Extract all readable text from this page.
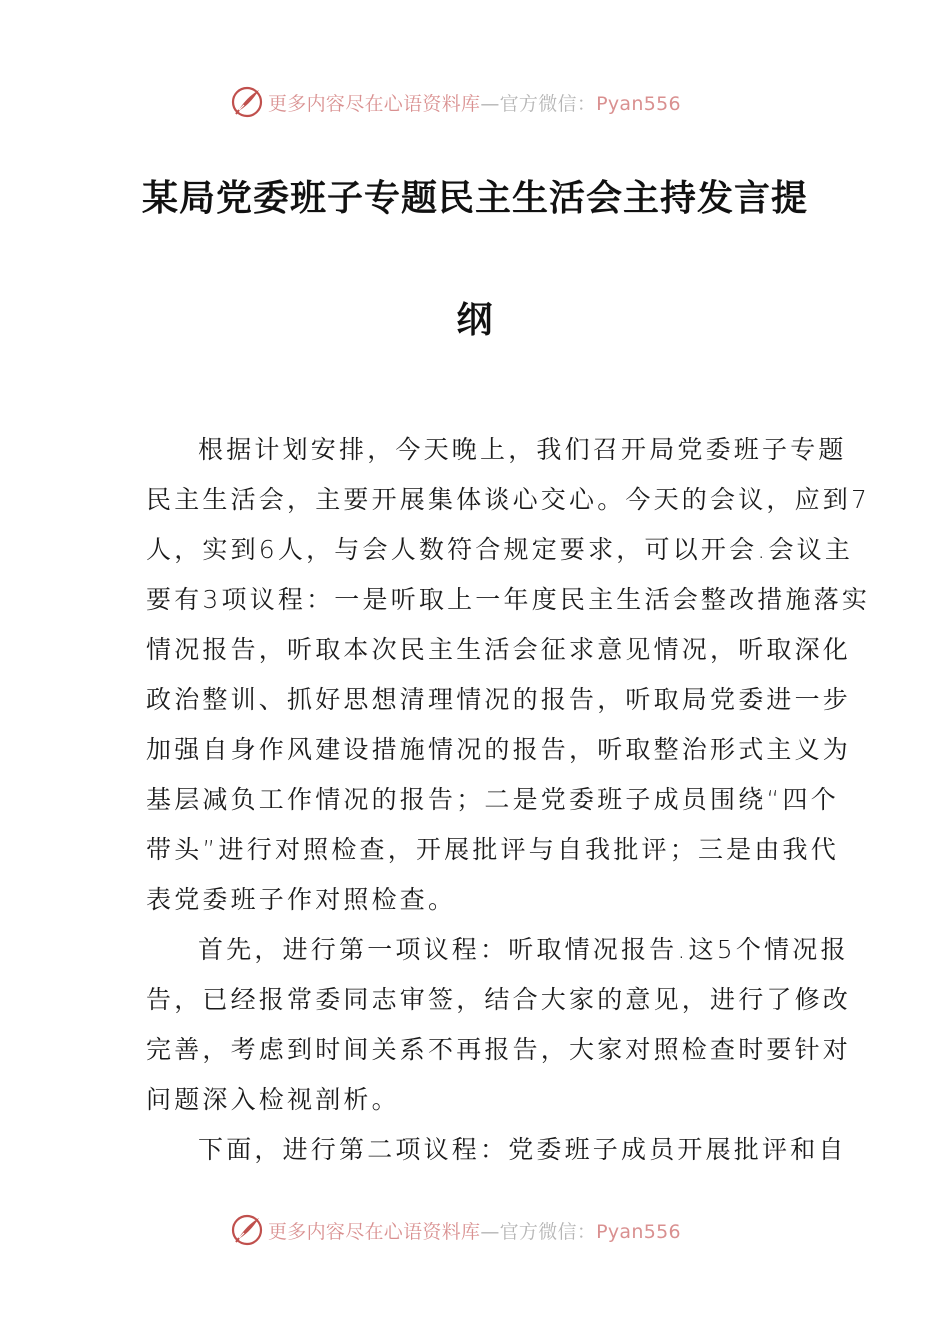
更多内容尽在心语资料库—官方微信：Pyan556
某局党委班子专题民主生活会主持发言提
纲
根据计划安排，今天晚上，我们召开局党委班子专题
民主生活会，主要开展集体谈心交心。今天的会议，应到7
人，实到6人，与会人数符合规定要求，可以开会.会议主
要有3项议程：一是听取上一年度民主生活会整改措施落实
情况报告，听取本次民主生活会征求意见情况，听取深化
政治整训、抓好思想清理情况的报告，听取局党委进一步
加强自身作风建设措施情况的报告，听取整治形式主义为
基层减负工作情况的报告；二是党委班子成员围绕“四个
带头”进行对照检查，开展批评与自我批评；三是由我代
表党委班子作对照检查。
首先，进行第一项议程：听取情况报告.这5个情况报
告，已经报常委同志审签，结合大家的意见，进行了修改
完善，考虑到时间关系不再报告，大家对照检查时要针对
问题深入检视剖析。
下面，进行第二项议程：党委班子成员开展批评和自
更多内容尽在心语资料库—官方微信：Pyan556
